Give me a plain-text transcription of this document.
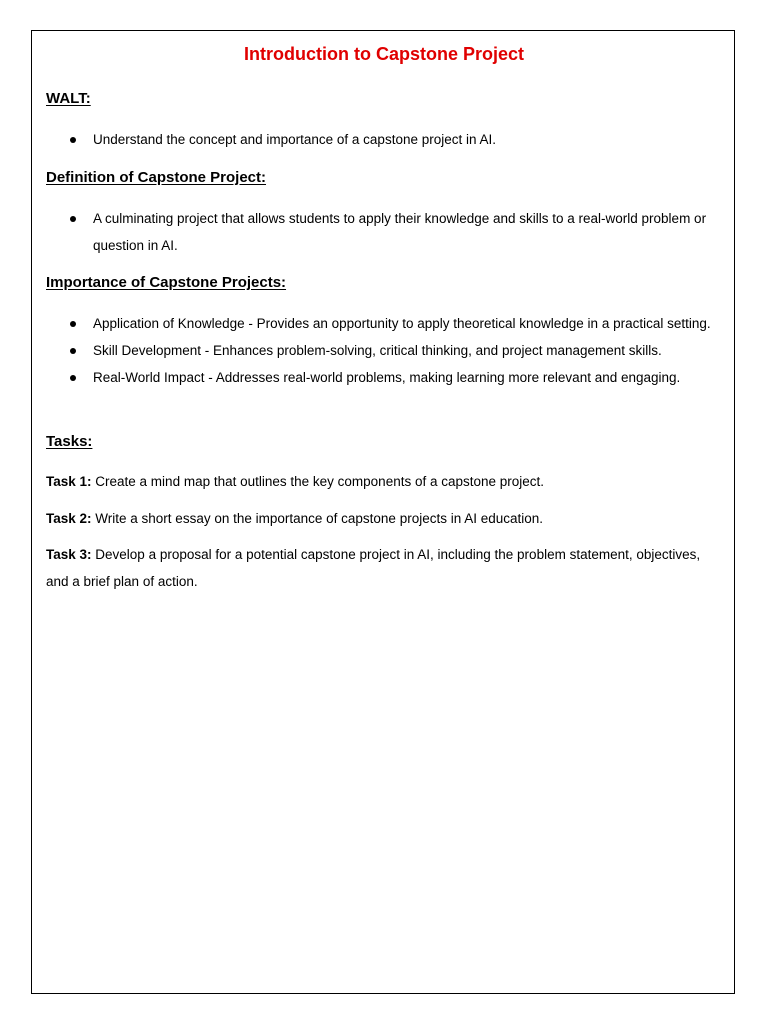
Introduction to Capstone Project
WALT:
Understand the concept and importance of a capstone project in AI.
Definition of Capstone Project:
A culminating project that allows students to apply their knowledge and skills to a real-world problem or question in AI.
Importance of Capstone Projects:
Application of Knowledge - Provides an opportunity to apply theoretical knowledge in a practical setting.
Skill Development - Enhances problem-solving, critical thinking, and project management skills.
Real-World Impact - Addresses real-world problems, making learning more relevant and engaging.
Tasks:

Task 1: Create a mind map that outlines the key components of a capstone project.

Task 2: Write a short essay on the importance of capstone projects in AI education.

Task 3: Develop a proposal for a potential capstone project in AI, including the problem statement, objectives, and a brief plan of action.
